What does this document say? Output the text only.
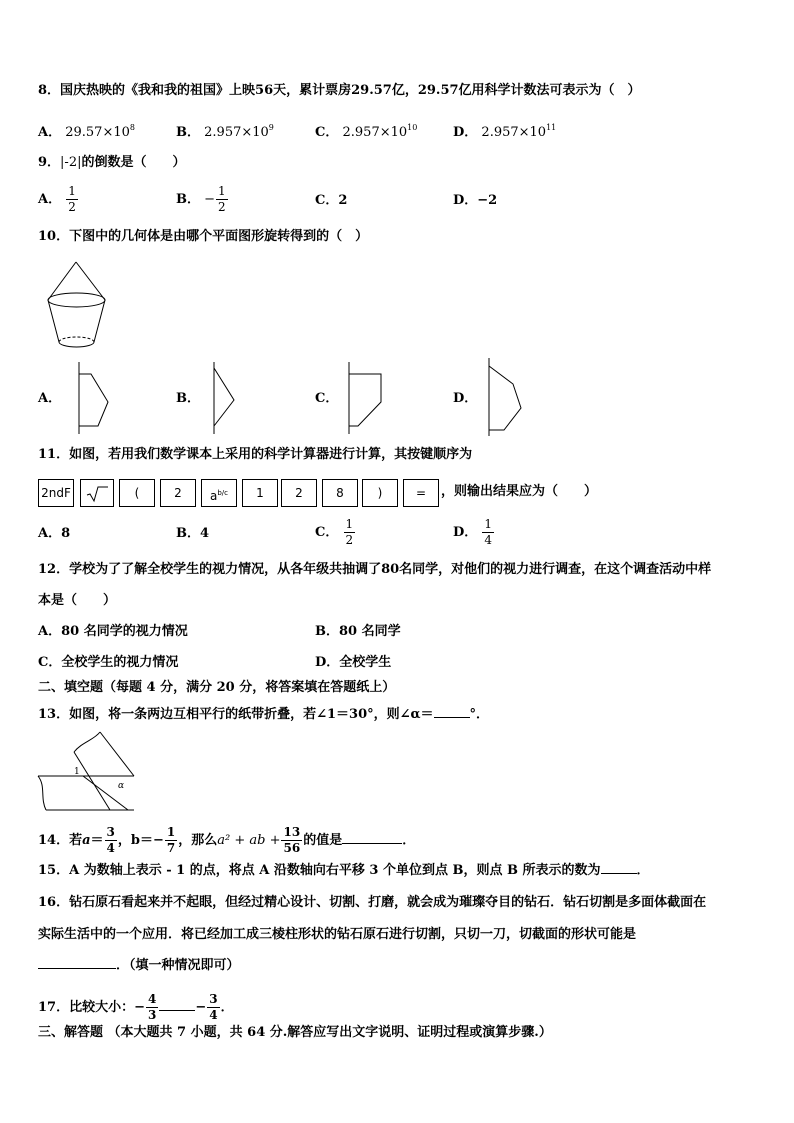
8．国庆热映的《我和我的祖国》上映56天，累计票房29.57亿，29.57亿用科学计数法可表示为（　）
A． $29.57\times 10^8$	B． $2.957\times 10^9$	C． $2.957\times 10^{10}$	D． $2.957\times 10^{11}$
9．|-2|的倒数是（　　）
A． $\frac{1}{2}$	B． − $\frac{1}{2}$	C．2	D．−2
10．下图中的几何体是由哪个平面图形旋转得到的（　）
A．	B．	C．	D．
11．如图，若用我们数学课本上采用的科学计算器进行计算，其按键顺序为
2ndF	(	2	$a^{b/c}$	1	2	8	)	=	，则输出结果应为（　　）
A．8	B．4	C． $\frac{1}{2}$	D． $\frac{1}{4}$
12．学校为了了解全校学生的视力情况，从各年级共抽调了80名同学，对他们的视力进行调查，在这个调查活动中样
本是（　　）
A．80 名同学的视力情况	B．80 名同学
C．全校学生的视力情况	D．全校学生
二、填空题（每题 4 分，满分 20 分，将答案填在答题纸上）
13．如图，将一条两边互相平行的纸带折叠，若∠1＝30°，则∠α＝	°．
1
α
14．若$a= \frac{3}{4}$ ，$b=- \frac{1}{7}$ ，那么a² + ab + $\frac{13}{56}$ 的值是	．
15．A 为数轴上表示 - 1 的点，将点 A 沿数轴向右平移 3 个单位到点 B，则点 B 所表示的数为	．
16．钻石原石看起来并不起眼，但经过精心设计、切割、打磨，就会成为璀璨夺目的钻石．钻石切割是多面体截面在
实际生活中的一个应用．将已经加工成三棱柱形状的钻石原石进行切割，只切一刀，切截面的形状可能是
．（填一种情况即可）
17．比较大小：− $\frac{4}{3}$	− $\frac{3}{4}$ ．
三、解答题 （本大题共 7 小题，共 64 分.解答应写出文字说明、证明过程或演算步骤.）
